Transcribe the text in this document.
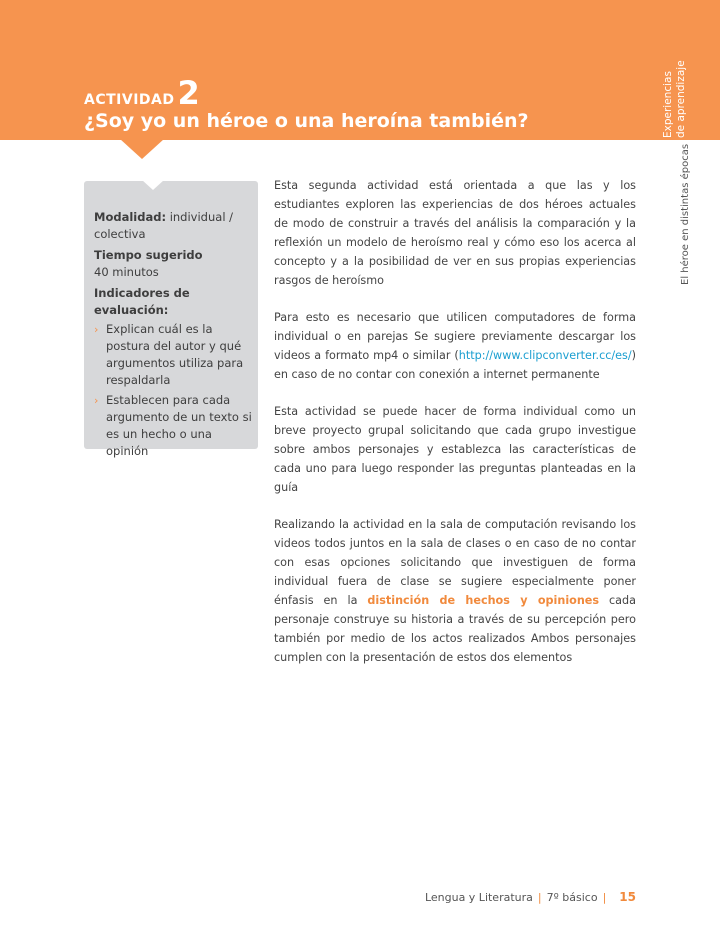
ACTIVIDAD2
¿Soy yo un héroe o una heroína también?	Experiencias de aprendizaje
El héroe en distintas épocas

Modalidad: individual / colectiva

Tiempo sugerido

40 minutos

Indicadores de evaluación:

› Explican cuál es la postura del autor y qué argumentos utiliza para respaldarla
› Establecen para cada argumento de un texto si es un hecho o una opinión

Esta segunda actividad está orientada a que las y los estudiantes exploren las experiencias de dos héroes actuales de modo de construir a través del análisis la comparación y la reflexión un modelo de heroísmo real y cómo eso los acerca al concepto y a la posibilidad de ver en sus propias experiencias rasgos de heroísmo

Para esto es necesario que utilicen computadores de forma individual o en parejas Se sugiere previamente descargar los videos a formato mp4 o similar (http://www.clipconverter.cc/es/) en caso de no contar con conexión a internet permanente

Esta actividad se puede hacer de forma individual como un breve proyecto grupal solicitando que cada grupo investigue sobre ambos personajes y establezca las características de cada uno para luego responder las preguntas planteadas en la guía

Realizando la actividad en la sala de computación revisando los videos todos juntos en la sala de clases o en caso de no contar con esas opciones solicitando que investiguen de forma individual fuera de clase se sugiere especialmente poner énfasis en la distinción de hechos y opiniones cada personaje construye su historia a través de su percepción pero también por medio de los actos realizados Ambos personajes cumplen con la presentación de estos dos elementos

Lengua y Literatura | 7º básico | 15
